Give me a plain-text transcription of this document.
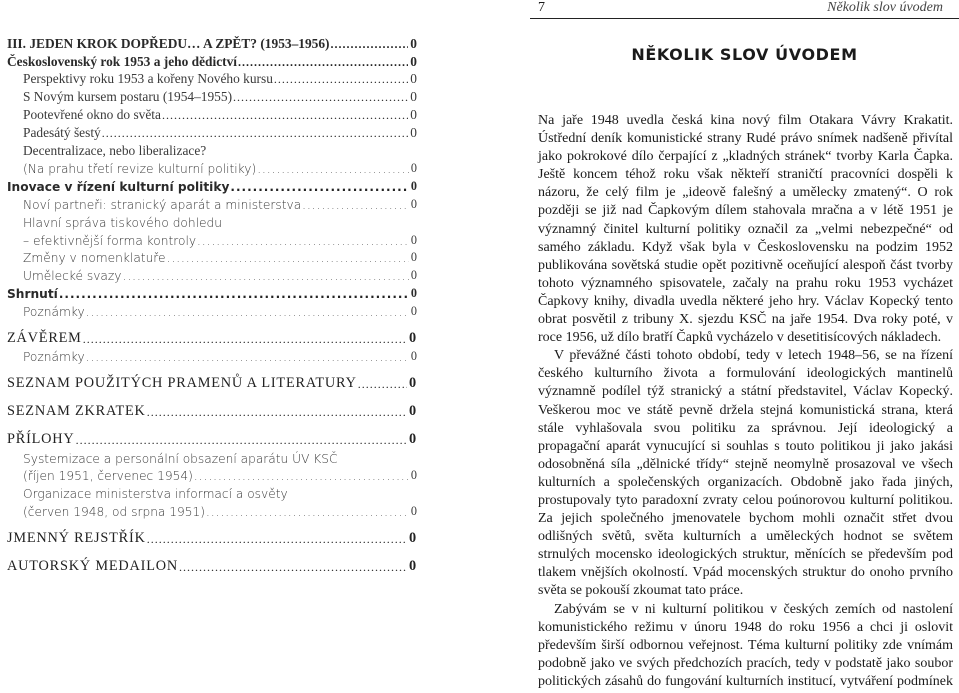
III. JEDEN KROK DOPŘEDU… A ZPĚT? (1953–1956) .....	0
Československý rok 1953 a jeho dědictví .....	0
Perspektivy roku 1953 a kořeny Nového kursu .....	0
S Novým kursem postaru (1954–1955) .....	0
Pootevřené okno do světa .....	0
Padesátý šestý .....	0
Decentralizace, nebo liberalizace?
(Na prahu třetí revize kulturní politiky) .....	0
Inovace v řízení kulturní politiky .....	0
Noví partneři: stranický aparát a ministerstva .....	0
Hlavní správa tiskového dohledu
– efektivnější forma kontroly .....	0
Změny v nomenklatuře .....	0
Umělecké svazy .....	0
Shrnutí .....	0
Poznámky .....	0
ZÁVĚREM .....	0
Poznámky .....	0
SEZNAM POUŽITÝCH PRAMENŮ A LITERATURY .....	0
SEZNAM ZKRATEK .....	0
PŘÍLOHY .....	0
Systemizace a personální obsazení aparátu ÚV KSČ
(říjen 1951, červenec 1954) .....	0
Organizace ministerstva informací a osvěty
(červen 1948, od srpna 1951) .....	0
JMENNÝ REJSTŘÍK .....	0
AUTORSKÝ MEDAILON .....	0
7	Několik slov úvodem
NĚKOLIK SLOV ÚVODEM

Na jaře 1948 uvedla česká kina nový film Otakara Vávry Krakatit. Ústřední deník komunistické strany Rudé právo snímek nadšeně přivítal jako pokrokové dílo čerpající z „kladných stránek“ tvorby Karla Čapka. Ještě koncem téhož roku však někteří straničtí pracovníci dospěli k názoru, že celý film je „ideově falešný a umělecky zmatený“. O rok později se již nad Čapkovým dílem stahovala mračna a v létě 1951 je významný činitel kulturní politiky označil za „velmi nebezpečné“ od samého základu. Když však byla v Československu na podzim 1952 publikována sovětská studie opět pozitivně oceňující alespoň část tvorby tohoto významného spisovatele, začaly na prahu roku 1953 vycházet Čapkovy knihy, divadla uvedla některé jeho hry. Václav Kopecký tento obrat posvětil z tribuny X. sjezdu KSČ na jaře 1954. Dva roky poté, v roce 1956, už dílo bratří Čapků vycházelo v desetitisícových nákladech.

V převážné části tohoto období, tedy v letech 1948–56, se na řízení českého kulturního života a formulování ideologických mantinelů významně podílel týž stranický a státní představitel, Václav Kopecký. Veškerou moc ve státě pevně držela stejná komunistická strana, která stále vyhlašovala svou politiku za správnou. Její ideologický a propagační aparát vynucující si souhlas s touto politikou ji jako jakási odosobněná síla „dělnické třídy“ stejně neomylně prosazoval ve všech kulturních a společenských organizacích. Obdobně jako řada jiných, prostupovaly tyto paradoxní zvraty celou poúnorovou kulturní politikou. Za jejich společného jmenovatele bychom mohli označit střet dvou odlišných světů, světa kulturních a uměleckých hodnot se světem strnulých mocensko ideologických struktur, měnících se především pod tlakem vnějších okolností. Vpád mocenských struktur do onoho prvního světa se pokouší zkoumat tato práce.

Zabývám se v ni kulturní politikou v českých zemích od nastolení komunistického režimu v únoru 1948 do roku 1956 a chci ji oslovit především širší odbornou veřejnost. Téma kulturní politiky zde vnímám podobně jako ve svých předchozích pracích, tedy v podstatě jako soubor politických zásahů do fungování kulturních institucí, vytváření podmínek
